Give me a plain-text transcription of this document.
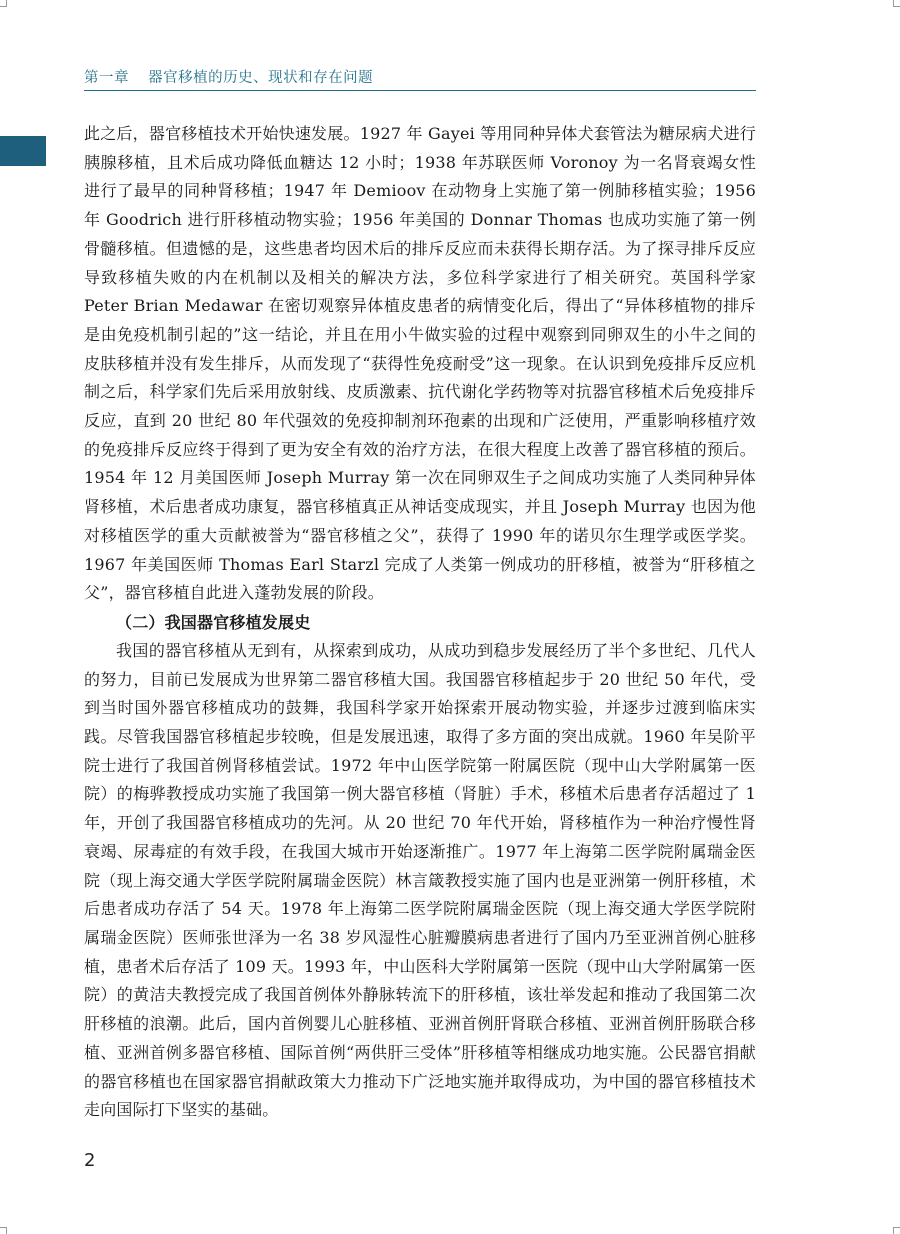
第一章 器官移植的历史、现状和存在问题

此之后，器官移植技术开始快速发展。1927 年 Gayei 等用同种异体犬套管法为糖尿病犬进行胰腺移植，且术后成功降低血糖达 12 小时；1938 年苏联医师 Voronoy 为一名肾衰竭女性进行了最早的同种肾移植；1947 年 Demioov 在动物身上实施了第一例肺移植实验；1956 年 Goodrich 进行肝移植动物实验；1956 年美国的 Donnar Thomas 也成功实施了第一例骨髓移植。但遗憾的是，这些患者均因术后的排斥反应而未获得长期存活。为了探寻排斥反应导致移植失败的内在机制以及相关的解决方法，多位科学家进行了相关研究。英国科学家 Peter Brian Medawar 在密切观察异体植皮患者的病情变化后，得出了“异体移植物的排斥是由免疫机制引起的”这一结论，并且在用小牛做实验的过程中观察到同卵双生的小牛之间的皮肤移植并没有发生排斥，从而发现了“获得性免疫耐受”这一现象。在认识到免疫排斥反应机制之后，科学家们先后采用放射线、皮质激素、抗代谢化学药物等对抗器官移植术后免疫排斥反应，直到 20 世纪 80 年代强效的免疫抑制剂环孢素的出现和广泛使用，严重影响移植疗效的免疫排斥反应终于得到了更为安全有效的治疗方法，在很大程度上改善了器官移植的预后。1954 年 12 月美国医师 Joseph Murray 第一次在同卵双生子之间成功实施了人类同种异体肾移植，术后患者成功康复，器官移植真正从神话变成现实，并且 Joseph Murray 也因为他对移植医学的重大贡献被誉为“器官移植之父”，获得了 1990 年的诺贝尔生理学或医学奖。1967 年美国医师 Thomas Earl Starzl 完成了人类第一例成功的肝移植，被誉为“肝移植之父”，器官移植自此进入蓬勃发展的阶段。

（二）我国器官移植发展史

我国的器官移植从无到有，从探索到成功，从成功到稳步发展经历了半个多世纪、几代人的努力，目前已发展成为世界第二器官移植大国。我国器官移植起步于 20 世纪 50 年代，受到当时国外器官移植成功的鼓舞，我国科学家开始探索开展动物实验，并逐步过渡到临床实践。尽管我国器官移植起步较晚，但是发展迅速，取得了多方面的突出成就。1960 年吴阶平院士进行了我国首例肾移植尝试。1972 年中山医学院第一附属医院（现中山大学附属第一医院）的梅骅教授成功实施了我国第一例大器官移植（肾脏）手术，移植术后患者存活超过了 1 年，开创了我国器官移植成功的先河。从 20 世纪 70 年代开始，肾移植作为一种治疗慢性肾衰竭、尿毒症的有效手段，在我国大城市开始逐渐推广。1977 年上海第二医学院附属瑞金医院（现上海交通大学医学院附属瑞金医院）林言箴教授实施了国内也是亚洲第一例肝移植，术后患者成功存活了 54 天。1978 年上海第二医学院附属瑞金医院（现上海交通大学医学院附属瑞金医院）医师张世泽为一名 38 岁风湿性心脏瓣膜病患者进行了国内乃至亚洲首例心脏移植，患者术后存活了 109 天。1993 年，中山医科大学附属第一医院（现中山大学附属第一医院）的黄洁夫教授完成了我国首例体外静脉转流下的肝移植，该壮举发起和推动了我国第二次肝移植的浪潮。此后，国内首例婴儿心脏移植、亚洲首例肝肾联合移植、亚洲首例肝肠联合移植、亚洲首例多器官移植、国际首例“两供肝三受体”肝移植等相继成功地实施。公民器官捐献的器官移植也在国家器官捐献政策大力推动下广泛地实施并取得成功，为中国的器官移植技术走向国际打下坚实的基础。

2
